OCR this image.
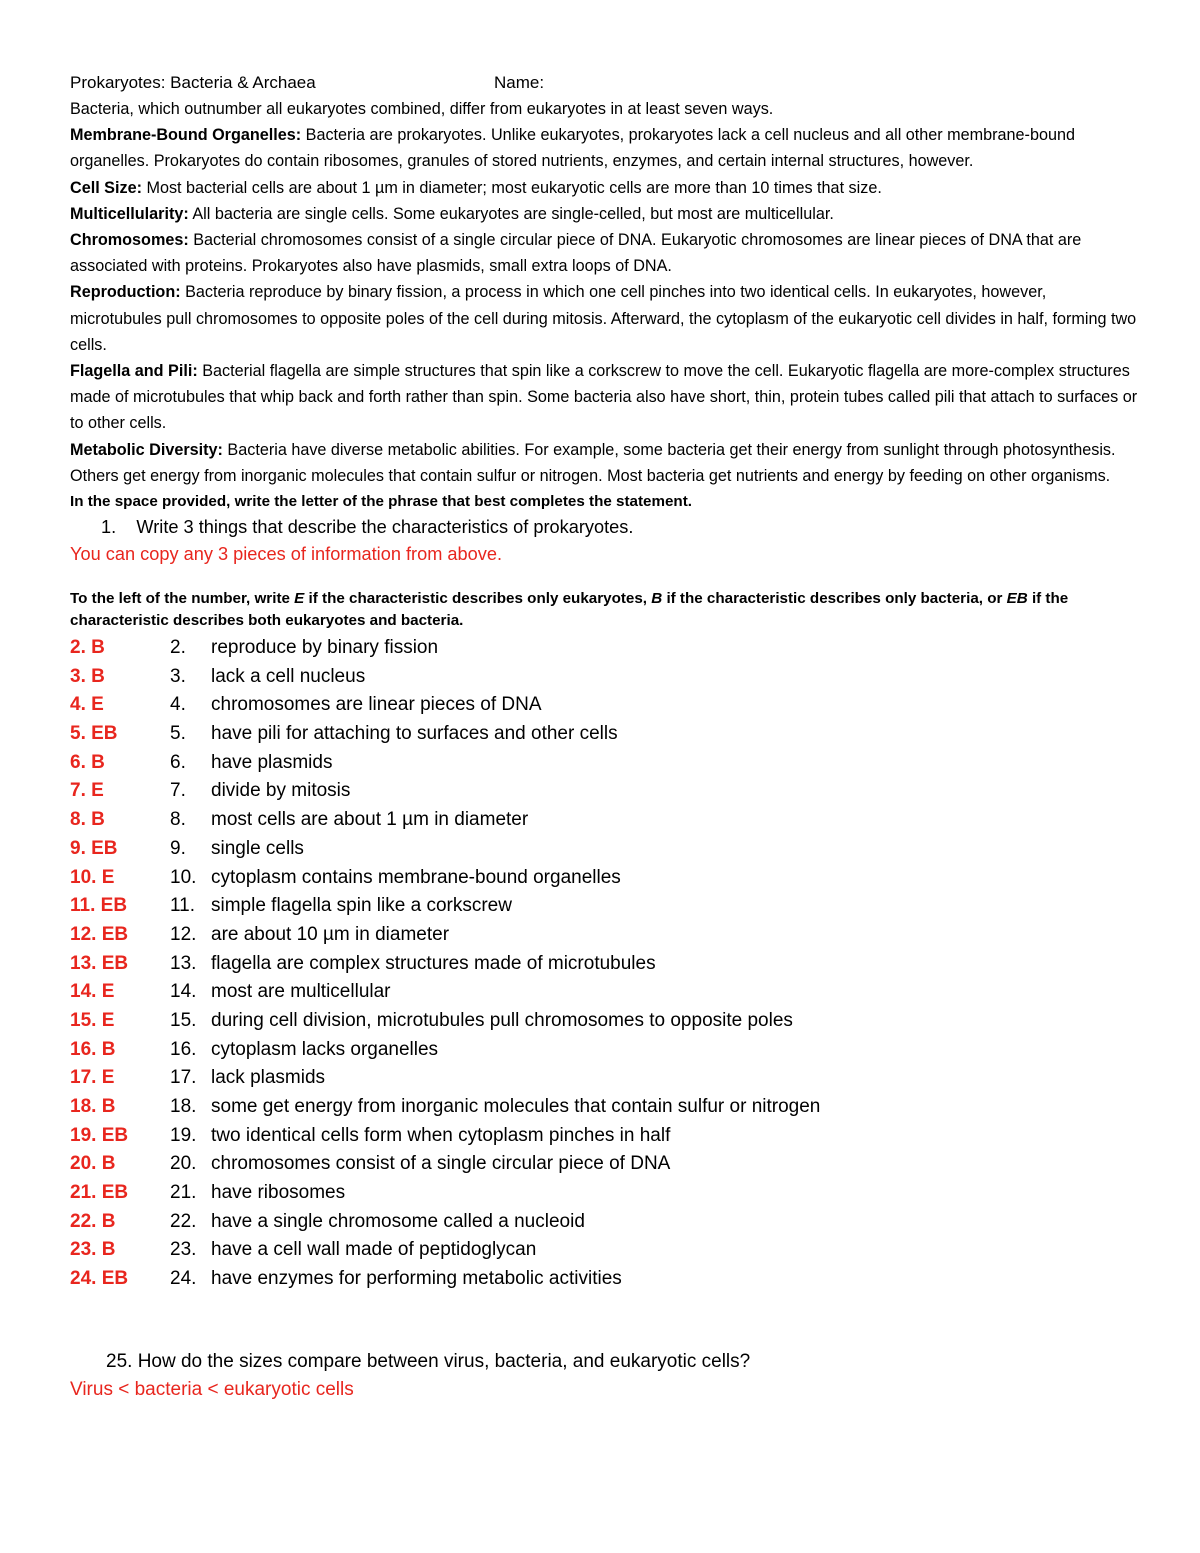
Prokaryotes: Bacteria & Archaea	Name:

Bacteria, which outnumber all eukaryotes combined, differ from eukaryotes in at least seven ways.

Membrane-Bound Organelles: Bacteria are prokaryotes. Unlike eukaryotes, prokaryotes lack a cell nucleus and all other membrane-bound organelles. Prokaryotes do contain ribosomes, granules of stored nutrients, enzymes, and certain internal structures, however.

Cell Size: Most bacterial cells are about 1 µm in diameter; most eukaryotic cells are more than 10 times that size.

Multicellularity: All bacteria are single cells. Some eukaryotes are single-celled, but most are multicellular.

Chromosomes: Bacterial chromosomes consist of a single circular piece of DNA. Eukaryotic chromosomes are linear pieces of DNA that are associated with proteins. Prokaryotes also have plasmids, small extra loops of DNA.

Reproduction: Bacteria reproduce by binary fission, a process in which one cell pinches into two identical cells. In eukaryotes, however, microtubules pull chromosomes to opposite poles of the cell during mitosis. Afterward, the cytoplasm of the eukaryotic cell divides in half, forming two cells.

Flagella and Pili: Bacterial flagella are simple structures that spin like a corkscrew to move the cell. Eukaryotic flagella are more-complex structures made of microtubules that whip back and forth rather than spin. Some bacteria also have short, thin, protein tubes called pili that attach to surfaces or to other cells.

Metabolic Diversity: Bacteria have diverse metabolic abilities. For example, some bacteria get their energy from sunlight through photosynthesis. Others get energy from inorganic molecules that contain sulfur or nitrogen. Most bacteria get nutrients and energy by feeding on other organisms.

In the space provided, write the letter of the phrase that best completes the statement.

1. Write 3 things that describe the characteristics of prokaryotes.

You can copy any 3 pieces of information from above.

To the left of the number, write E if the characteristic describes only eukaryotes, B if the characteristic describes only bacteria, or EB if the characteristic describes both eukaryotes and bacteria.

2. B	2.	reproduce by binary fission
3. B	3.	lack a cell nucleus
4. E	4.	chromosomes are linear pieces of DNA
5. EB	5.	have pili for attaching to surfaces and other cells
6. B	6.	have plasmids
7. E	7.	divide by mitosis
8. B	8.	most cells are about 1 µm in diameter
9. EB	9.	single cells
10. E	10. cytoplasm contains membrane-bound organelles
11. EB	11. simple flagella spin like a corkscrew
12. EB	12. are about 10 µm in diameter
13. EB	13. flagella are complex structures made of microtubules
14. E	14. most are multicellular
15. E	15. during cell division, microtubules pull chromosomes to opposite poles
16. B	16. cytoplasm lacks organelles
17. E	17. lack plasmids
18. B	18. some get energy from inorganic molecules that contain sulfur or nitrogen
19. EB	19. two identical cells form when cytoplasm pinches in half
20. B	20. chromosomes consist of a single circular piece of DNA
21. EB	21. have ribosomes
22. B	22. have a single chromosome called a nucleoid
23. B	23. have a cell wall made of peptidoglycan
24. EB	24. have enzymes for performing metabolic activities

25. How do the sizes compare between virus, bacteria, and eukaryotic cells?

Virus < bacteria < eukaryotic cells
